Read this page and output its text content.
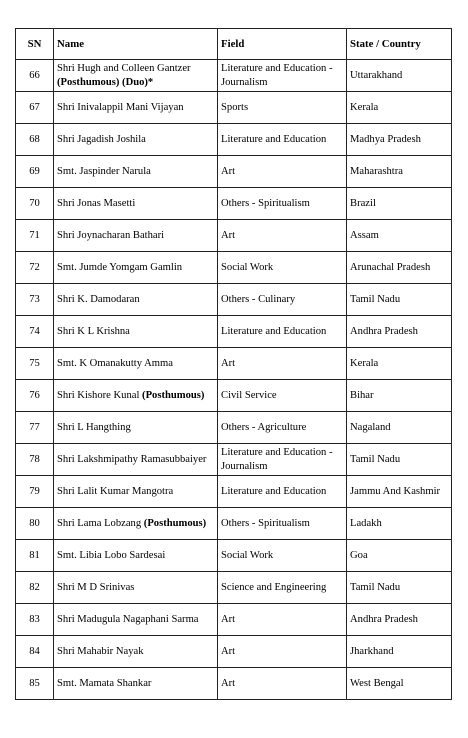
SN	Name	Field	State / Country
66	Shri Hugh and Colleen Gantzer (Posthumous) (Duo)*	Literature and Education - Journalism	Uttarakhand
67	Shri Inivalappil Mani Vijayan	Sports	Kerala
68	Shri Jagadish Joshila	Literature and Education	Madhya Pradesh
69	Smt. Jaspinder Narula	Art	Maharashtra
70	Shri Jonas Masetti	Others - Spiritualism	Brazil
71	Shri Joynacharan Bathari	Art	Assam
72	Smt. Jumde Yomgam Gamlin	Social Work	Arunachal Pradesh
73	Shri K. Damodaran	Others - Culinary	Tamil Nadu
74	Shri K L Krishna	Literature and Education	Andhra Pradesh
75	Smt. K Omanakutty Amma	Art	Kerala
76	Shri Kishore Kunal (Posthumous)	Civil Service	Bihar
77	Shri L Hangthing	Others - Agriculture	Nagaland
78	Shri Lakshmipathy Ramasubbaiyer	Literature and Education - Journalism	Tamil Nadu
79	Shri Lalit Kumar Mangotra	Literature and Education	Jammu And Kashmir
80	Shri Lama Lobzang (Posthumous)	Others - Spiritualism	Ladakh
81	Smt. Libia Lobo Sardesai	Social Work	Goa
82	Shri M D Srinivas	Science and Engineering	Tamil Nadu
83	Shri Madugula Nagaphani Sarma	Art	Andhra Pradesh
84	Shri Mahabir Nayak	Art	Jharkhand
85	Smt. Mamata Shankar	Art	West Bengal
